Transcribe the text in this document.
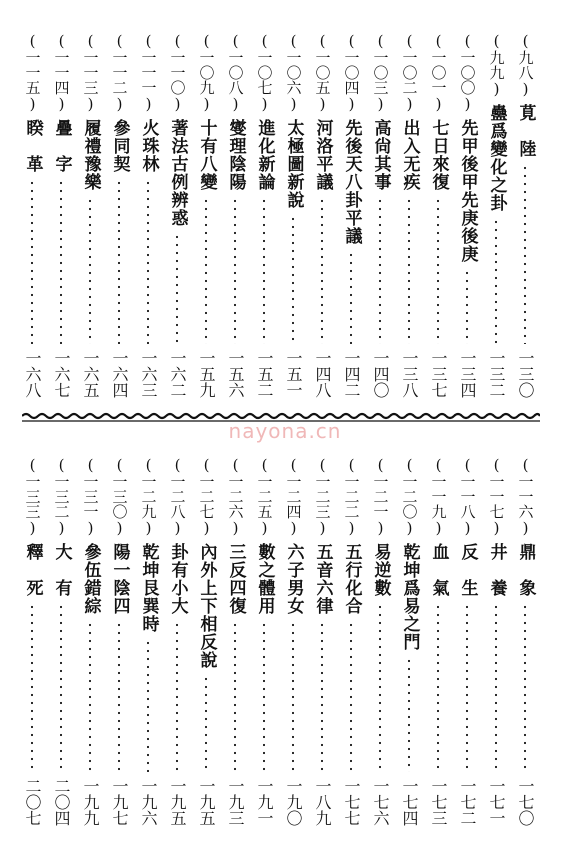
(九八)
莧　陸
一三〇
(九九)
蠱爲變化之卦
一三二
(一〇〇)
先甲後甲先庚後庚
一三四
(一〇一)
七日來復
一三七
(一〇二)
出入无疾
一三八
(一〇三)
高尙其事
一四〇
(一〇四)
先後天八卦平議
一四二
(一〇五)
河洛平議
一四八
(一〇六)
太極圖新說
一五一
(一〇七)
進化新論
一五二
(一〇八)
燮理陰陽
一五六
(一〇九)
十有八變
一五九
(一一〇)
著法古例辨惑
一六二
(一一一)
火珠林
一六三
(一一二)
參同契
一六四
(一一三)
履禮豫樂
一六五
(一一四)
疊　字
一六七
(一一五)
睽　革
一六八
nayona.cn
(一一六)
鼎　象
一七〇
(一一七)
井　養
一七一
(一一八)
反　生
一七二
(一一九)
血　氣
一七三
(一二〇)
乾坤爲易之門
一七四
(一二一)
易逆數
一七六
(一二二)
五行化合
一七七
(一二三)
五音六律
一八九
(一二四)
六子男女
一九〇
(一二五)
數之體用
一九一
(一二六)
三反四復
一九三
(一二七)
內外上下相反說
一九五
(一二八)
卦有小大
一九五
(一二九)
乾坤艮巽時
一九六
(一三〇)
陽一陰四
一九七
(一三一)
參伍錯綜
一九九
(一三二)
大　有
二〇四
(一三三)
釋　死
二〇七
